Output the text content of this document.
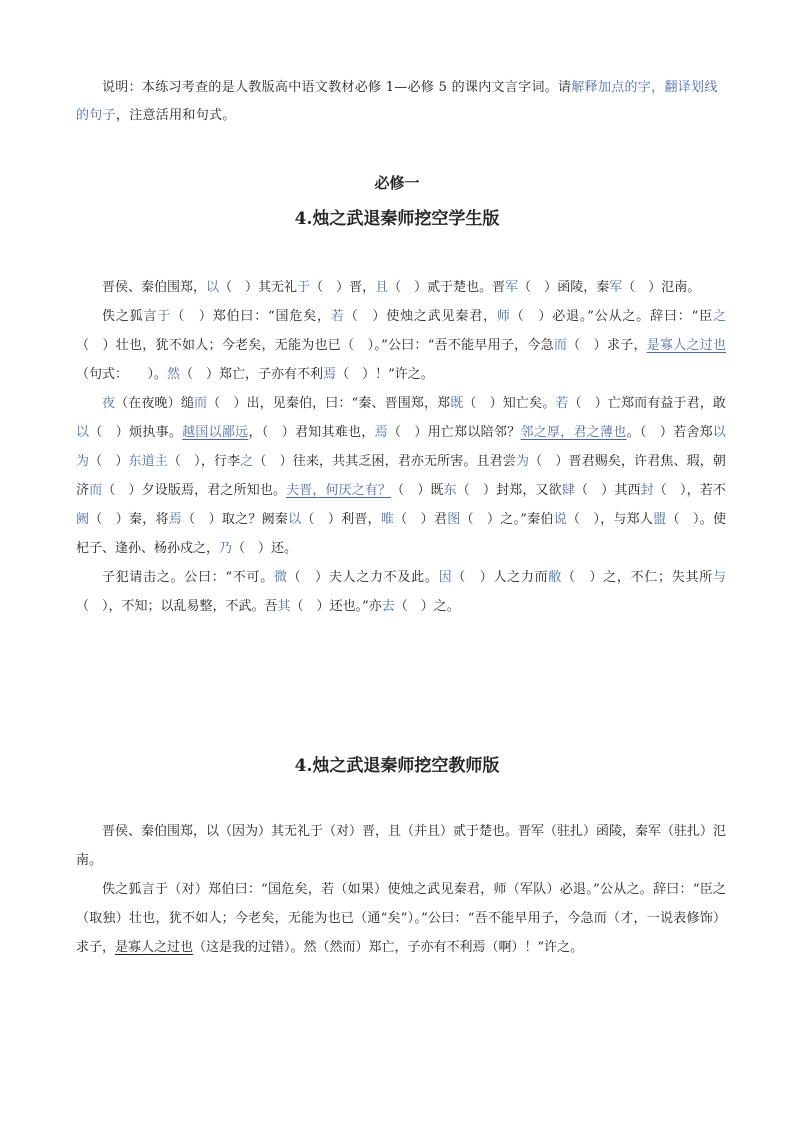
说明：本练习考查的是人教版高中语文教材必修 1—必修 5 的课内文言字词。请解释加点的字，翻译划线的句子，注意活用和句式。

必修一
4.烛之武退秦师挖空学生版

晋侯、秦伯围郑，以（　）其无礼于（　）晋，且（　）贰于楚也。晋军（　）函陵，秦军（　）氾南。

佚之狐言于（　）郑伯曰：“国危矣，若（　）使烛之武见秦君，师（　）必退。”公从之。辞曰：“臣之（　）壮也，犹不如人；今老矣，无能为也已（　）。”公曰：“吾不能早用子，今急而（　）求子，是寡人之过也（句式：　　）。然（　）郑亡，子亦有不利焉（　）！”许之。

夜（在夜晚）缒而（　）出，见秦伯，曰：“秦、晋围郑，郑既（　）知亡矣。若（　）亡郑而有益于君，敢以（　）烦执事。越国以鄙远，（　）君知其难也，焉（　）用亡郑以陪邻？邻之厚，君之薄也。（　）若舍郑以为（　）东道主（　），行李之（　）往来，共其乏困，君亦无所害。且君尝为（　）晋君赐矣，许君焦、瑕，朝济而（　）夕设版焉，君之所知也。夫晋，何厌之有？（　）既东（　）封郑，又欲肆（　）其西封（　），若不阙（　）秦，将焉（　）取之？阙秦以（　）利晋，唯（　）君图（　）之。”秦伯说（　），与郑人盟（　）。使杞子、逢孙、杨孙戍之，乃（　）还。

子犯请击之。公曰：“不可。微（　）夫人之力不及此。因（　）人之力而敝（　）之，不仁；失其所与（　），不知；以乱易整，不武。吾其（　）还也。”亦去（　）之。

4.烛之武退秦师挖空教师版

晋侯、秦伯围郑，以（因为）其无礼于（对）晋，且（并且）贰于楚也。晋军（驻扎）函陵，秦军（驻扎）氾南。

佚之狐言于（对）郑伯曰：“国危矣，若（如果）使烛之武见秦君，师（军队）必退。”公从之。辞曰：“臣之（取独）壮也，犹不如人；今老矣，无能为也已（通“矣”）。”公曰：“吾不能早用子，今急而（才，一说表修饰）求子，是寡人之过也（这是我的过错）。然（然而）郑亡，子亦有不利焉（啊）！”许之。
